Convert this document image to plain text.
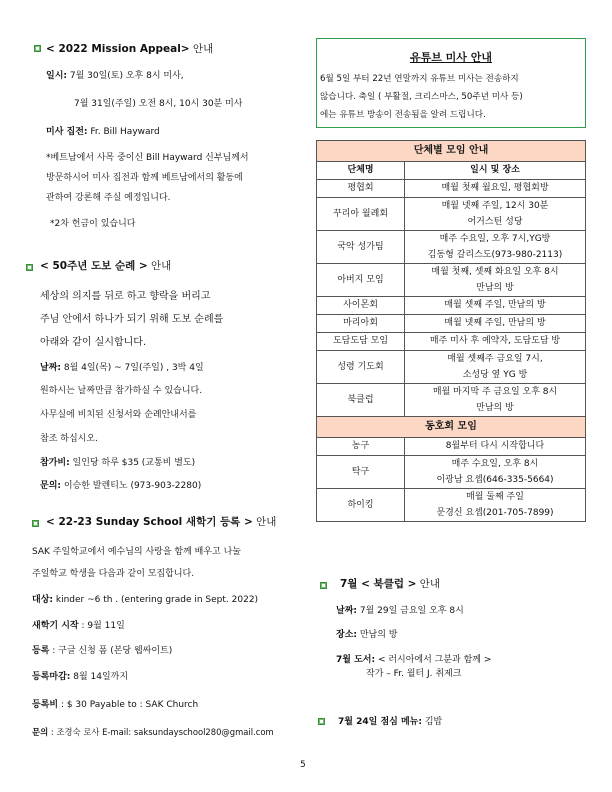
< 2022 Mission Appeal> 안내
일시: 7월 30일(토) 오후 8시 미사,
7월 31일(주일) 오전 8시, 10시 30분 미사
미사 집전: Fr. Bill Hayward
*베트남에서 사목 중이신 Bill Hayward 신부님께서
방문하시어 미사 집전과 함께 베트남에서의 활동에
관하여 강론해 주실 예정입니다.
*2차 헌금이 있습니다
< 50주년 도보 순례 > 안내
세상의 의지를 뒤로 하고 향락을 버리고
주님 안에서 하나가 되기 위해 도보 순례를
아래와 같이 실시합니다.
날짜: 8월 4일(목) ~ 7일(주일) , 3박 4일
원하시는 날짜만큼 참가하실 수 있습니다.
사무실에 비치된 신청서와 순례안내서를
참조 하십시오.
참가비: 일인당 하루 $35 (교통비 별도)
문의: 이승한 발렌티노 (973-903-2280)
< 22-23 Sunday School 새학기 등록 > 안내
SAK 주일학교에서 예수님의 사랑을 함께 배우고 나눌
주일학교 학생을 다음과 같이 모집합니다.
대상: kinder ~6 th . (entering grade in Sept. 2022)
새학기 시작 : 9월 11일
등록 : 구글 신청 폼 (본당 웹싸이트)
등록마감: 8월 14일까지
등록비 : $ 30 Payable to : SAK Church
문의 : 조경숙 로사 E-mail: saksundayschool280@gmail.com
유튜브 미사 안내
6월 5일 부터 22년 연말까지 유튜브 미사는 전송하지
않습니다. 축일 ( 부활절, 크리스마스, 50주년 미사 등)
에는 유튜브 방송이 전송됨을 알려 드립니다.
단체별 모임 안내	
단체명	일시 및 장소
평협회	매월 첫째 월요일, 평협회방

꾸리아 월례회	매월 넷째 주일, 12시 30분
어거스틴 성당

국악 성가팀	매주 수요일, 오후 7시,YG방
김동형 갈리스도(973-980-2113)

아버지 모임	매월 첫째, 셋째 화요일 오후 8시
만남의 방

사이몬회	매월 셋째 주일, 만남의 방

마리아회	매월 넷째 주일, 만남의 방

도담도담 모임	매주 미사 후 예약자, 도담도담 방

성령 기도회	매월 셋째주 금요일 7시,
소성당 옆 YG 방

북클럽	매월 마지막 주 금요일 오후 8시
만남의 방

동호회 모임	
농구	8월부터 다시 시작합니다

탁구	매주 수요일, 오후 8시
이광남 요셉(646-335-5664)

하이킹	매월 둘째 주일
문경신 요셉(201-705-7899)
7월 < 북클럽 > 안내
날짜: 7월 29일 금요일 오후 8시
장소: 만남의 방
7월 도서: < 러시아에서 그분과 함께 >
작가 – Fr. 월터 J. 취제크
7월 24일 점심 메뉴: 김밥
5
